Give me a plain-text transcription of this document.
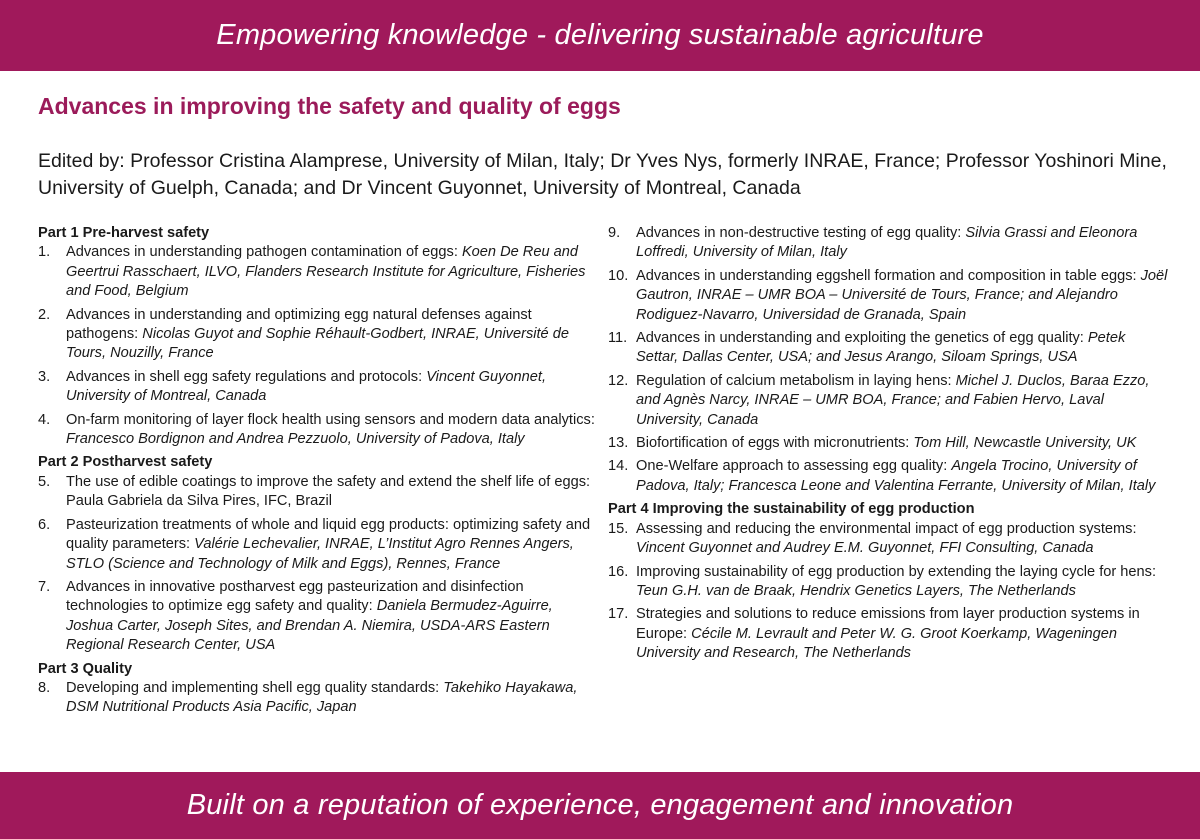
Empowering knowledge - delivering sustainable agriculture
Advances in improving the safety and quality of eggs

Edited by: Professor Cristina Alamprese, University of Milan, Italy; Dr Yves Nys, formerly INRAE, France; Professor Yoshinori Mine, University of Guelph, Canada; and Dr Vincent Guyonnet, University of Montreal, Canada

Part 1 Pre-harvest safety
1.	Advances in understanding pathogen contamination of eggs: Koen De Reu and Geertrui Rasschaert, ILVO, Flanders Research Institute for Agriculture, Fisheries and Food, Belgium
2.	Advances in understanding and optimizing egg natural defenses against pathogens: Nicolas Guyot and Sophie Réhault-Godbert, INRAE, Université de Tours, Nouzilly, France
3.	Advances in shell egg safety regulations and protocols: Vincent Guyonnet, University of Montreal, Canada
4.	On-farm monitoring of layer flock health using sensors and modern data analytics: Francesco Bordignon and Andrea Pezzuolo, University of Padova, Italy
Part 2 Postharvest safety
5.	The use of edible coatings to improve the safety and extend the shelf life of eggs: Paula Gabriela da Silva Pires, IFC, Brazil
6.	Pasteurization treatments of whole and liquid egg products: optimizing safety and quality parameters: Valérie Lechevalier, INRAE, L’Institut Agro Rennes Angers, STLO (Science and Technology of Milk and Eggs), Rennes, France
7.	Advances in innovative postharvest egg pasteurization and disinfection technologies to optimize egg safety and quality: Daniela Bermudez-Aguirre, Joshua Carter, Joseph Sites, and Brendan A. Niemira, USDA-ARS Eastern Regional Research Center, USA
Part 3 Quality
8.	Developing and implementing shell egg quality standards: Takehiko Hayakawa, DSM Nutritional Products Asia Pacific, Japan
9.	Advances in non-destructive testing of egg quality: Silvia Grassi and Eleonora Loffredi, University of Milan, Italy
10. Advances in understanding eggshell formation and composition in table eggs: Joël Gautron, INRAE – UMR BOA – Université de Tours, France; and Alejandro Rodiguez-Navarro, Universidad de Granada, Spain
11. Advances in understanding and exploiting the genetics of egg quality: Petek Settar, Dallas Center, USA; and Jesus Arango, Siloam Springs, USA
12. Regulation of calcium metabolism in laying hens: Michel J. Duclos, Baraa Ezzo, and Agnès Narcy, INRAE – UMR BOA, France; and Fabien Hervo, Laval University, Canada
13. Biofortification of eggs with micronutrients: Tom Hill, Newcastle University, UK
14. One-Welfare approach to assessing egg quality: Angela Trocino, University of Padova, Italy; Francesca Leone and Valentina Ferrante, University of Milan, Italy
Part 4 Improving the sustainability of egg production
15. Assessing and reducing the environmental impact of egg production systems: Vincent Guyonnet and Audrey E.M. Guyonnet, FFI Consulting, Canada
16. Improving sustainability of egg production by extending the laying cycle for hens: Teun G.H. van de Braak, Hendrix Genetics Layers, The Netherlands
17. Strategies and solutions to reduce emissions from layer production systems in Europe: Cécile M. Levrault and Peter W. G. Groot Koerkamp, Wageningen University and Research, The Netherlands
Built on a reputation of experience, engagement and innovation
